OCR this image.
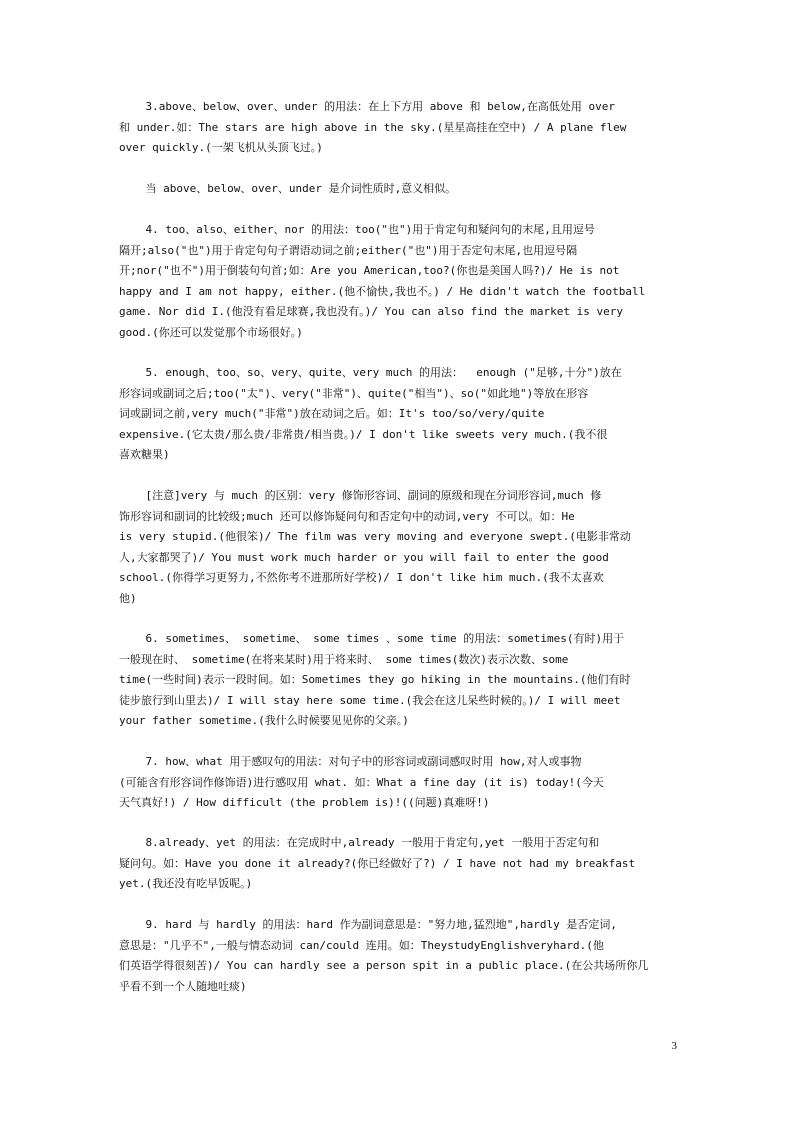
3.above、below、over、under 的用法：在上下方用 above 和 below,在高低处用 over
和 under.如：The stars are high above in the sky.(星星高挂在空中) / A plane flew
over quickly.(一架飞机从头顶飞过。)
当 above、below、over、under 是介词性质时,意义相似。
4. too、also、either、nor 的用法：too("也")用于肯定句和疑问句的末尾,且用逗号
隔开;also("也")用于肯定句句子谓语动词之前;either("也")用于否定句末尾,也用逗号隔
开;nor("也不")用于倒装句句首;如：Are you American,too?(你也是美国人吗?)/ He is not
happy and I am not happy, either.(他不愉快,我也不。) / He didn't watch the football
game. Nor did I.(他没有看足球赛,我也没有。)/ You can also find the market is very
good.(你还可以发觉那个市场很好。)
5. enough、too、so、very、quite、very much 的用法：  enough ("足够,十分")放在
形容词或副词之后;too("太")、very("非常")、quite("相当")、so("如此地")等放在形容
词或副词之前,very much("非常")放在动词之后。如：It's too/so/very/quite
expensive.(它太贵/那么贵/非常贵/相当贵。)/ I don't like sweets very much.(我不很
喜欢糖果)
[注意]very 与 much 的区别：very 修饰形容词、副词的原级和现在分词形容词,much 修
饰形容词和副词的比较级;much 还可以修饰疑问句和否定句中的动词,very 不可以。如：He
is very stupid.(他很笨)/ The film was very moving and everyone swept.(电影非常动
人,大家都哭了)/ You must work much harder or you will fail to enter the good
school.(你得学习更努力,不然你考不进那所好学校)/ I don't like him much.(我不太喜欢
他)
6. sometimes、 sometime、 some times 、some time 的用法：sometimes(有时)用于
一般现在时、 sometime(在将来某时)用于将来时、 some times(数次)表示次数、some
time(一些时间)表示一段时间。如：Sometimes they go hiking in the mountains.(他们有时
徒步旅行到山里去)/ I will stay here some time.(我会在这儿呆些时候的。)/ I will meet
your father sometime.(我什么时候要见见你的父亲。)
7. how、what 用于感叹句的用法：对句子中的形容词或副词感叹时用 how,对人或事物
(可能含有形容词作修饰语)进行感叹用 what. 如：What a fine day (it is) today!(今天
天气真好!) / How difficult (the problem is)!((问题)真难呀!)
8.already、yet 的用法：在完成时中,already 一般用于肯定句,yet 一般用于否定句和
疑问句。如：Have you done it already?(你已经做好了?) / I have not had my breakfast
yet.(我还没有吃早饭呢。)
9. hard 与 hardly 的用法：hard 作为副词意思是："努力地,猛烈地",hardly 是否定词,
意思是："几乎不",一般与情态动词 can/could 连用。如：TheystudyEnglishveryhard.(他
们英语学得很刻苦)/ You can hardly see a person spit in a public place.(在公共场所你几
乎看不到一个人随地吐痰)
3
